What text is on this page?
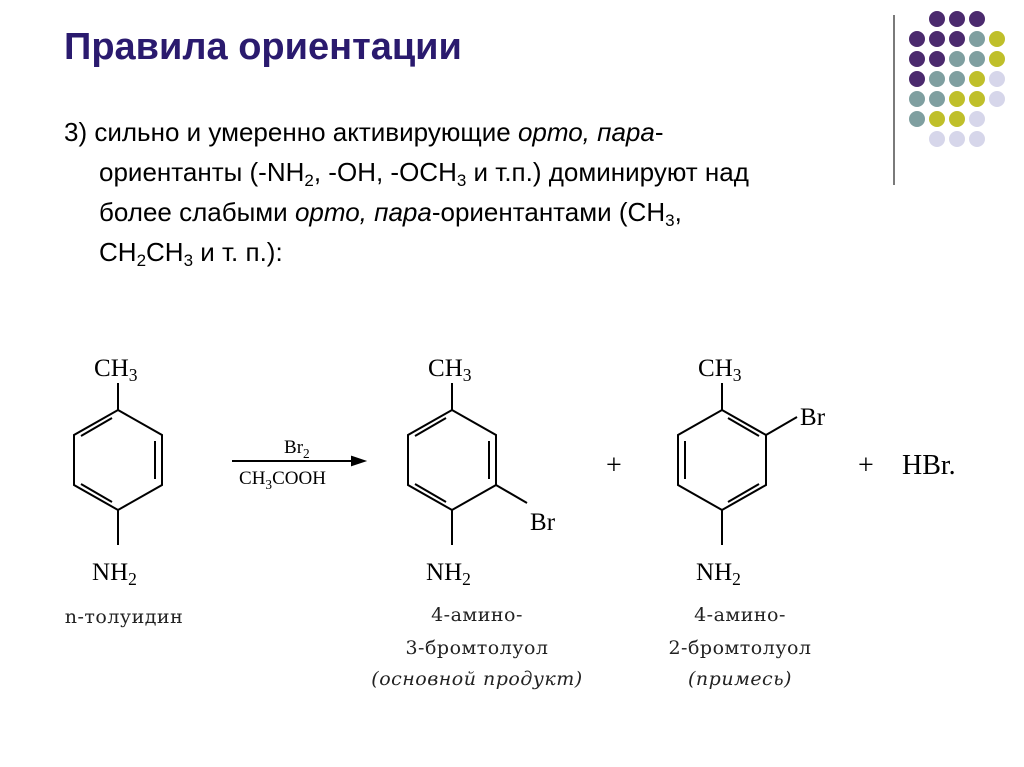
Правила ориентации
3) сильно и умеренно активирующие орто, пара-
ориентанты ($-NH_2$, -OH, $-OCH_3$ и т.п.) доминируют над
более слабыми орто, пара-ориентантами ($CH_3$,
$CH_2CH_3$ и т. п.):
$CH_3$
$NH_2$
$Br_2$
$CH_3COOH$
$CH_3$
Br
$NH_2$
+
$CH_3$
Br
$NH_2$
+ HBr.
n-толуидин	4-амино-
3-бромтолуол
(основной продукт)
4-амино-
2-бромтолуол
(примесь)
